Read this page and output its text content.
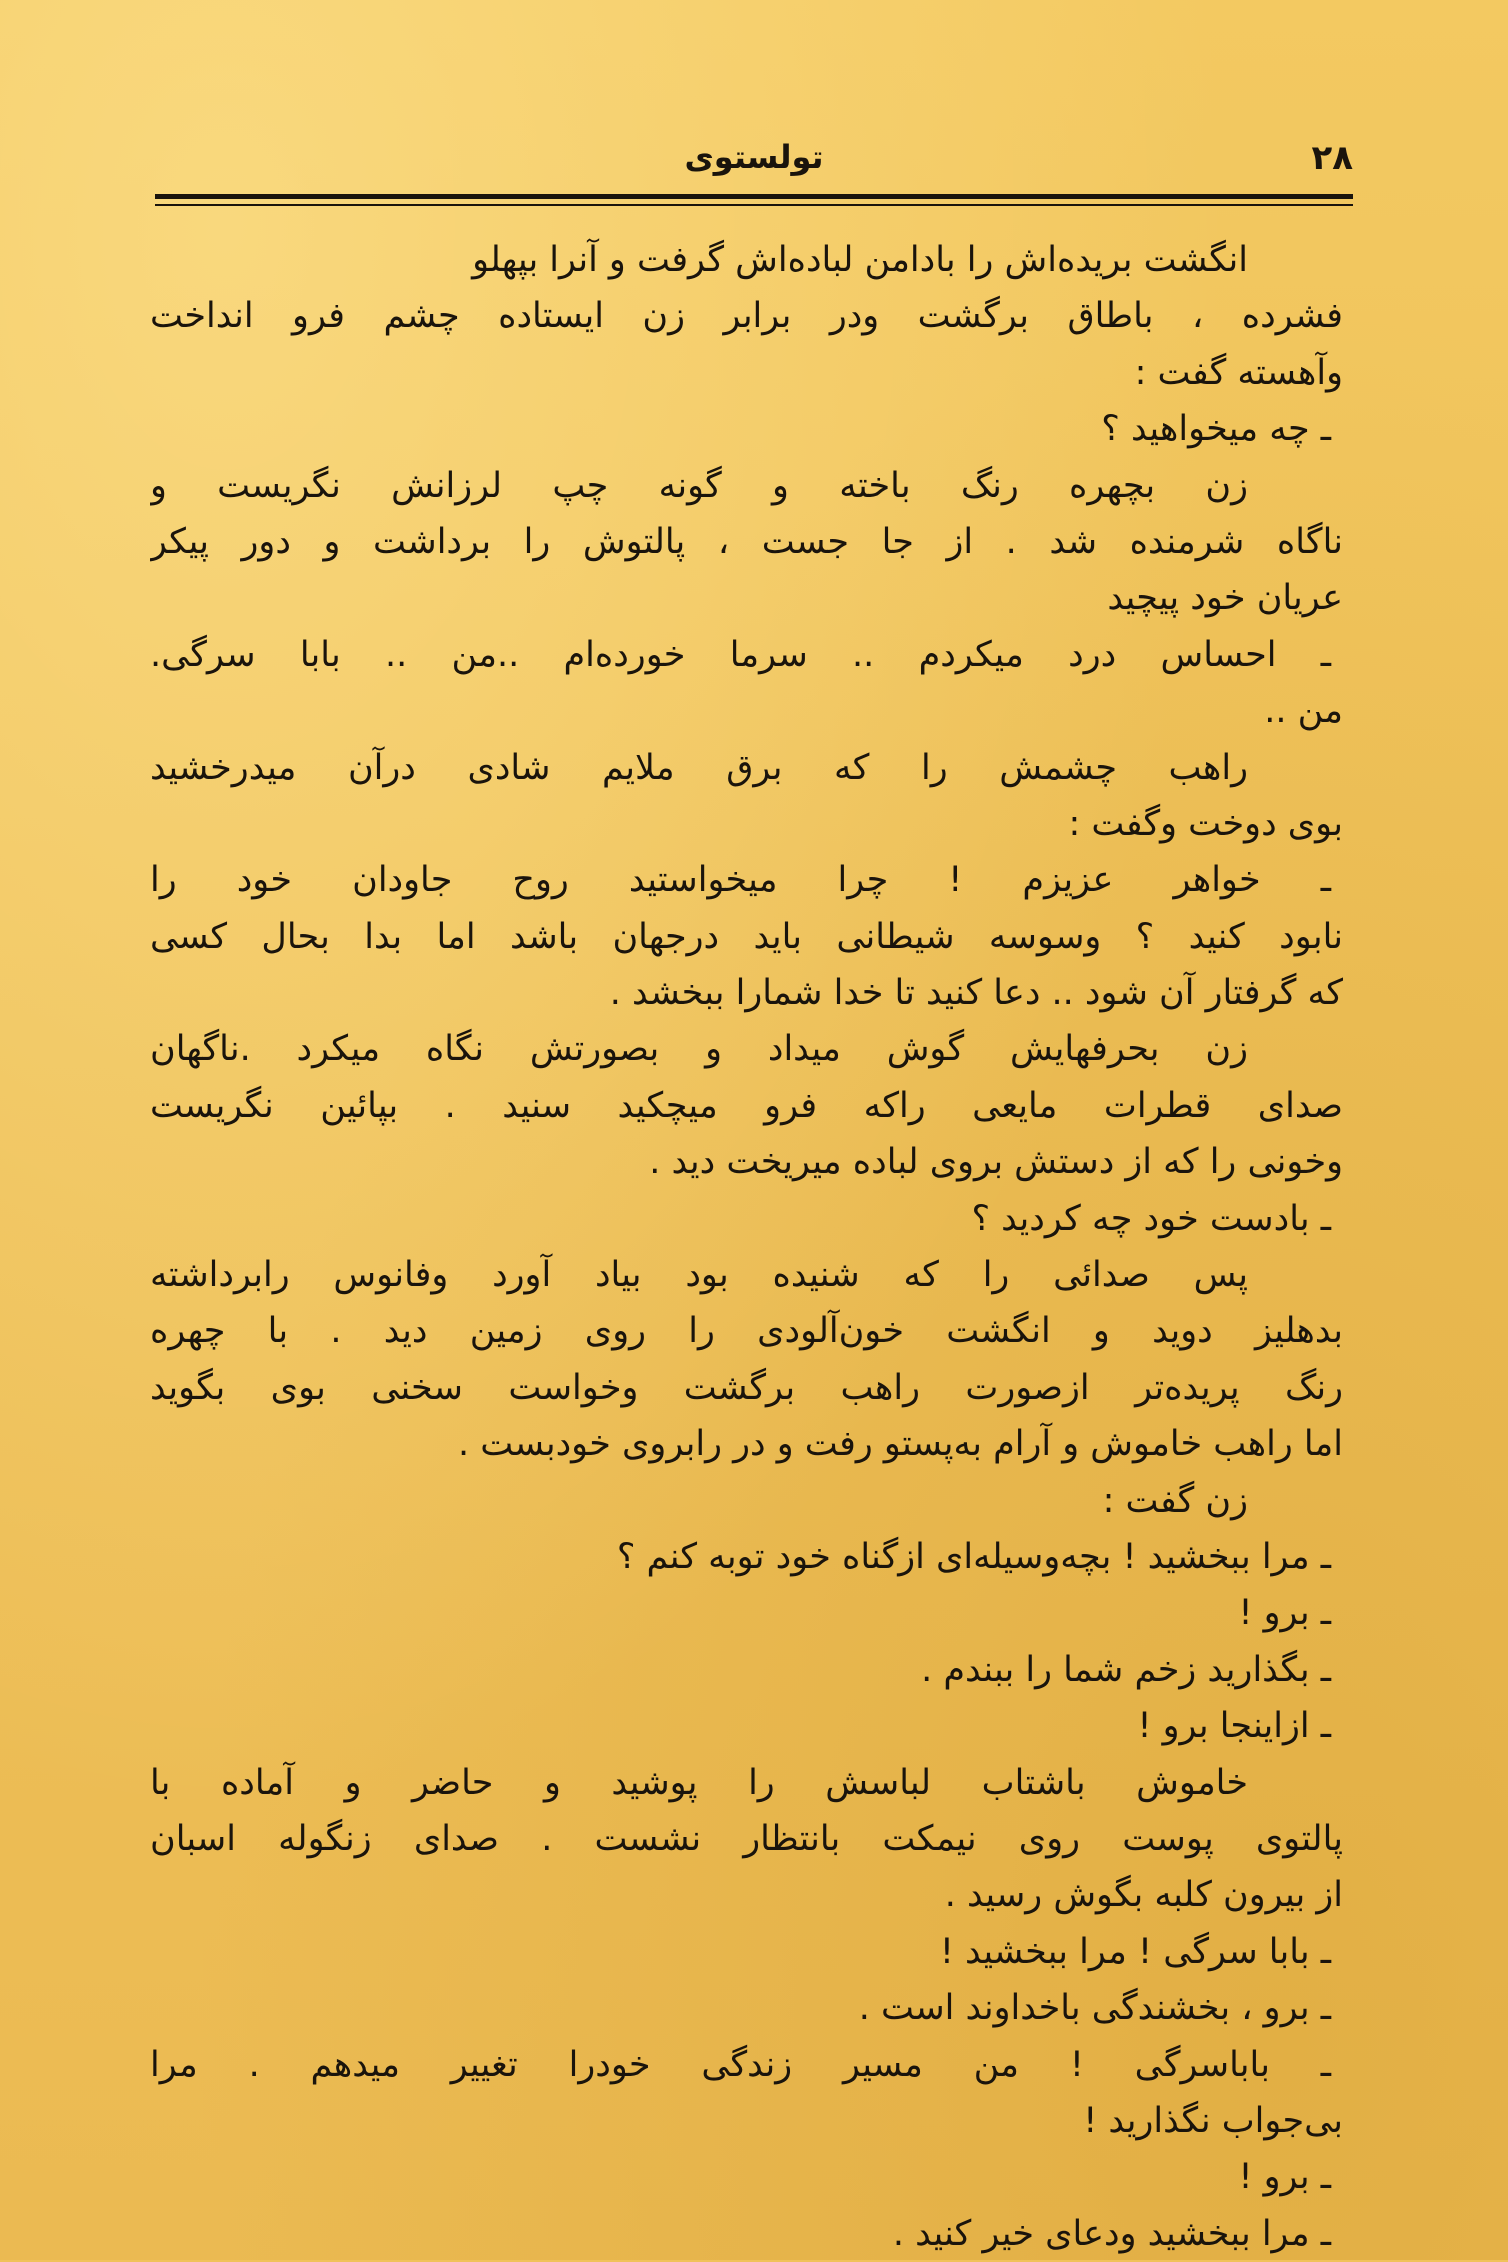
۲۸
تولستوی
انگشت بریده‌اش را بادامن لباده‌اش گرفت و آنرا بپهلو
فشرده ، باطاق برگشت ودر برابر زن ایستاده چشم فرو انداخت
وآهسته گفت :
ـ چه میخواهید ؟
زن بچهره رنگ باخته و گونه چپ لرزانش نگریست و
ناگاه شرمنده شد . از جا جست ، پالتوش را برداشت و دور پیکر
عریان خود پیچید
ـ احساس درد میکردم .. سرما خورده‌ام ..من .. بابا سرگی.
من ..
راهب چشمش را که برق ملایم شادی درآن میدرخشید
بوی دوخت وگفت :
ـ خواهر عزیزم ! چرا میخواستید روح جاودان خود را
نابود کنید ؟ وسوسه شیطانی باید درجهان باشد اما بدا بحال کسی
که گرفتار آن شود .. دعا کنید تا خدا شمارا ببخشد .
زن بحرفهایش گوش میداد و بصورتش نگاه میکرد .ناگهان
صدای قطرات مایعی راکه فرو میچکید سنید . بپائین نگریست
وخونی را که از دستش بروی لباده میریخت دید .
ـ بادست خود چه کردید ؟
پس صدائی را که شنیده بود بیاد آورد وفانوس رابرداشته
بدهلیز دوید و انگشت خون‌آلودی را روی زمین دید . با چهره
رنگ پریده‌تر ازصورت راهب برگشت وخواست سخنی بوی بگوید
اما راهب خاموش و آرام به‌پستو رفت و در رابروی خودبست .
زن گفت :
ـ مرا ببخشید ! بچه‌وسیله‌ای ازگناه خود توبه کنم ؟
ـ برو !
ـ بگذارید زخم شما را ببندم .
ـ ازاینجا برو !
خاموش باشتاب لباسش را پوشید و حاضر و آماده با
پالتوی پوست روی نیمکت بانتظار نشست . صدای زنگوله اسبان
از بیرون کلبه بگوش رسید .
ـ بابا سرگی ! مرا ببخشید !
ـ برو ، بخشندگی باخداوند است .
ـ باباسرگی ! من مسیر زندگی خودرا تغییر میدهم . مرا
بی‌جواب نگذارید !
ـ برو !
ـ مرا ببخشید ودعای خیر کنید .
